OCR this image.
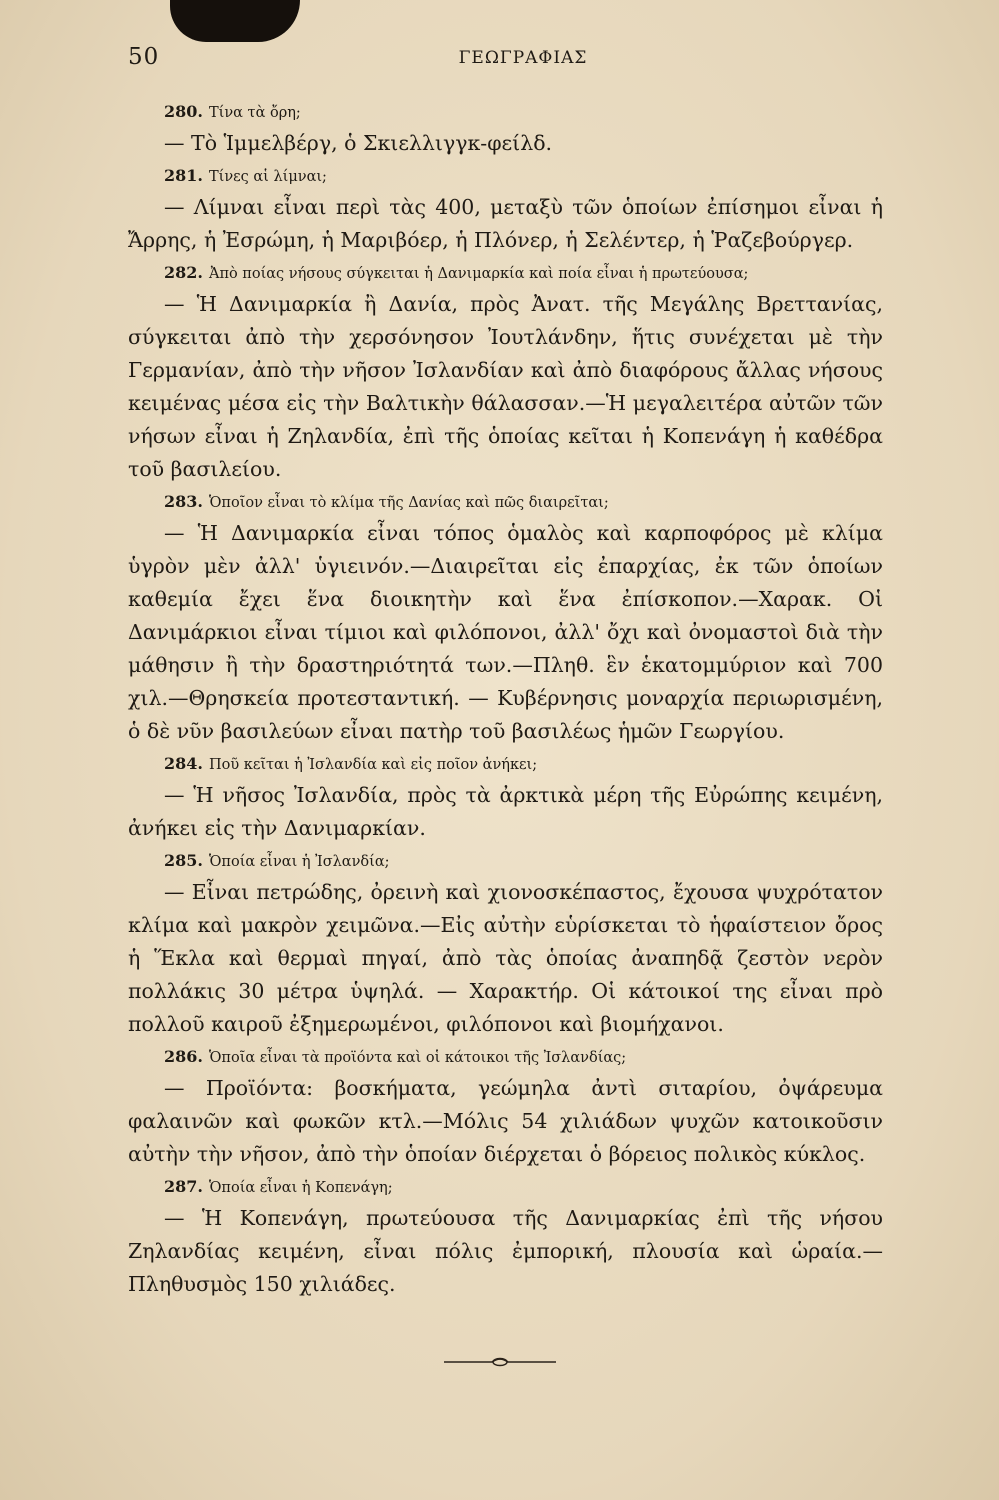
50	ΓΕΩΓΡΑΦΙΑΣ

280. Τίνα τὰ ὄρη;

— Τὸ Ἱμμελβέργ, ὁ Σκιελλιγγκ-φείλδ.

281. Τίνες αἱ λίμναι;

— Λίμναι εἶναι περὶ τὰς 400, μεταξὺ τῶν ὁποίων ἐπίσημοι εἶναι ἡ Ἄρρης, ἡ Ἐσρώμη, ἡ Μαριβόερ, ἡ Πλόνερ, ἡ Σελέντερ, ἡ Ῥαζεβούργερ.

282. Ἀπὸ ποίας νήσους σύγκειται ἡ Δανιμαρκία καὶ ποία εἶναι ἡ πρωτεύουσα;

— Ἡ Δανιμαρκία ἢ Δανία, πρὸς Ἀνατ. τῆς Μεγάλης Βρεττανίας, σύγκειται ἀπὸ τὴν χερσόνησον Ἰουτλάνδην, ἥτις συνέχεται μὲ τὴν Γερμανίαν, ἀπὸ τὴν νῆσον Ἰσλανδίαν καὶ ἀπὸ διαφόρους ἄλλας νήσους κειμένας μέσα εἰς τὴν Βαλτικὴν θάλασσαν.—Ἡ μεγαλειτέρα αὐτῶν τῶν νήσων εἶναι ἡ Ζηλανδία, ἐπὶ τῆς ὁποίας κεῖται ἡ Κοπενάγη ἡ καθέδρα τοῦ βασιλείου.

283. Ὁποῖον εἶναι τὸ κλίμα τῆς Δανίας καὶ πῶς διαιρεῖται;

— Ἡ Δανιμαρκία εἶναι τόπος ὁμαλὸς καὶ καρποφόρος μὲ κλίμα ὑγρὸν μὲν ἀλλ' ὑγιεινόν.—Διαιρεῖται εἰς ἐπαρχίας, ἐκ τῶν ὁποίων καθεμία ἔχει ἕνα διοικητὴν καὶ ἕνα ἐπίσκοπον.—Χαρακ. Οἱ Δανιμάρκιοι εἶναι τίμιοι καὶ φιλόπονοι, ἀλλ' ὄχι καὶ ὀνομαστοὶ διὰ τὴν μάθησιν ἢ τὴν δραστηριότητά των.—Πληθ. ἓν ἑκατομμύριον καὶ 700 χιλ.—Θρησκεία προτεσταντική. — Κυβέρνησις μοναρχία περιωρισμένη, ὁ δὲ νῦν βασιλεύων εἶναι πατὴρ τοῦ βασιλέως ἡμῶν Γεωργίου.

284. Ποῦ κεῖται ἡ Ἰσλανδία καὶ εἰς ποῖον ἀνήκει;

— Ἡ νῆσος Ἰσλανδία, πρὸς τὰ ἀρκτικὰ μέρη τῆς Εὐρώπης κειμένη, ἀνήκει εἰς τὴν Δανιμαρκίαν.

285. Ὁποία εἶναι ἡ Ἰσλανδία;

— Εἶναι πετρώδης, ὀρεινὴ καὶ χιονοσκέπαστος, ἔχουσα ψυχρότατον κλίμα καὶ μακρὸν χειμῶνα.—Εἰς αὐτὴν εὑρίσκεται τὸ ἡφαίστειον ὄρος ἡ Ἕκλα καὶ θερμαὶ πηγαί, ἀπὸ τὰς ὁποίας ἀναπηδᾷ ζεστὸν νερὸν πολλάκις 30 μέτρα ὑψηλά. — Χαρακτήρ. Οἱ κάτοικοί της εἶναι πρὸ πολλοῦ καιροῦ ἐξημερωμένοι, φιλόπονοι καὶ βιομήχανοι.

286. Ὁποῖα εἶναι τὰ προϊόντα καὶ οἱ κάτοικοι τῆς Ἰσλανδίας;

— Προϊόντα: βοσκήματα, γεώμηλα ἀντὶ σιταρίου, ὀψάρευμα φαλαινῶν καὶ φωκῶν κτλ.—Μόλις 54 χιλιάδων ψυχῶν κατοικοῦσιν αὐτὴν τὴν νῆσον, ἀπὸ τὴν ὁποίαν διέρχεται ὁ βόρειος πολικὸς κύκλος.

287. Ὁποία εἶναι ἡ Κοπενάγη;

— Ἡ Κοπενάγη, πρωτεύουσα τῆς Δανιμαρκίας ἐπὶ τῆς νήσου Ζηλανδίας κειμένη, εἶναι πόλις ἐμπορική, πλουσία καὶ ὡραία.— Πληθυσμὸς 150 χιλιάδες.
